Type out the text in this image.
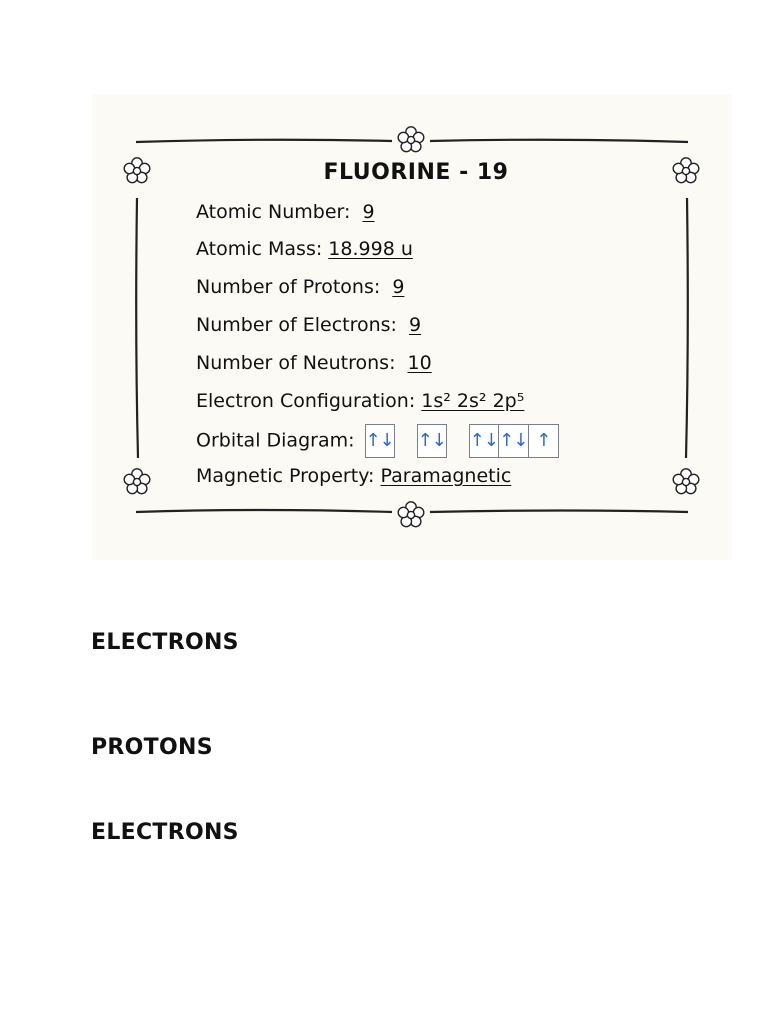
FLUORINE - 19
Atomic Number: 9
Atomic Mass: 18.998 u
Number of Protons: 9
Number of Electrons: 9
Number of Neutrons: 10
Electron Configuration: 1s² 2s² 2p⁵
Orbital Diagram: ↑↓
↑↓
↑↓ ↑↓ ↑
Magnetic Property: Paramagnetic
ELECTRONS
PROTONS
ELECTRONS
